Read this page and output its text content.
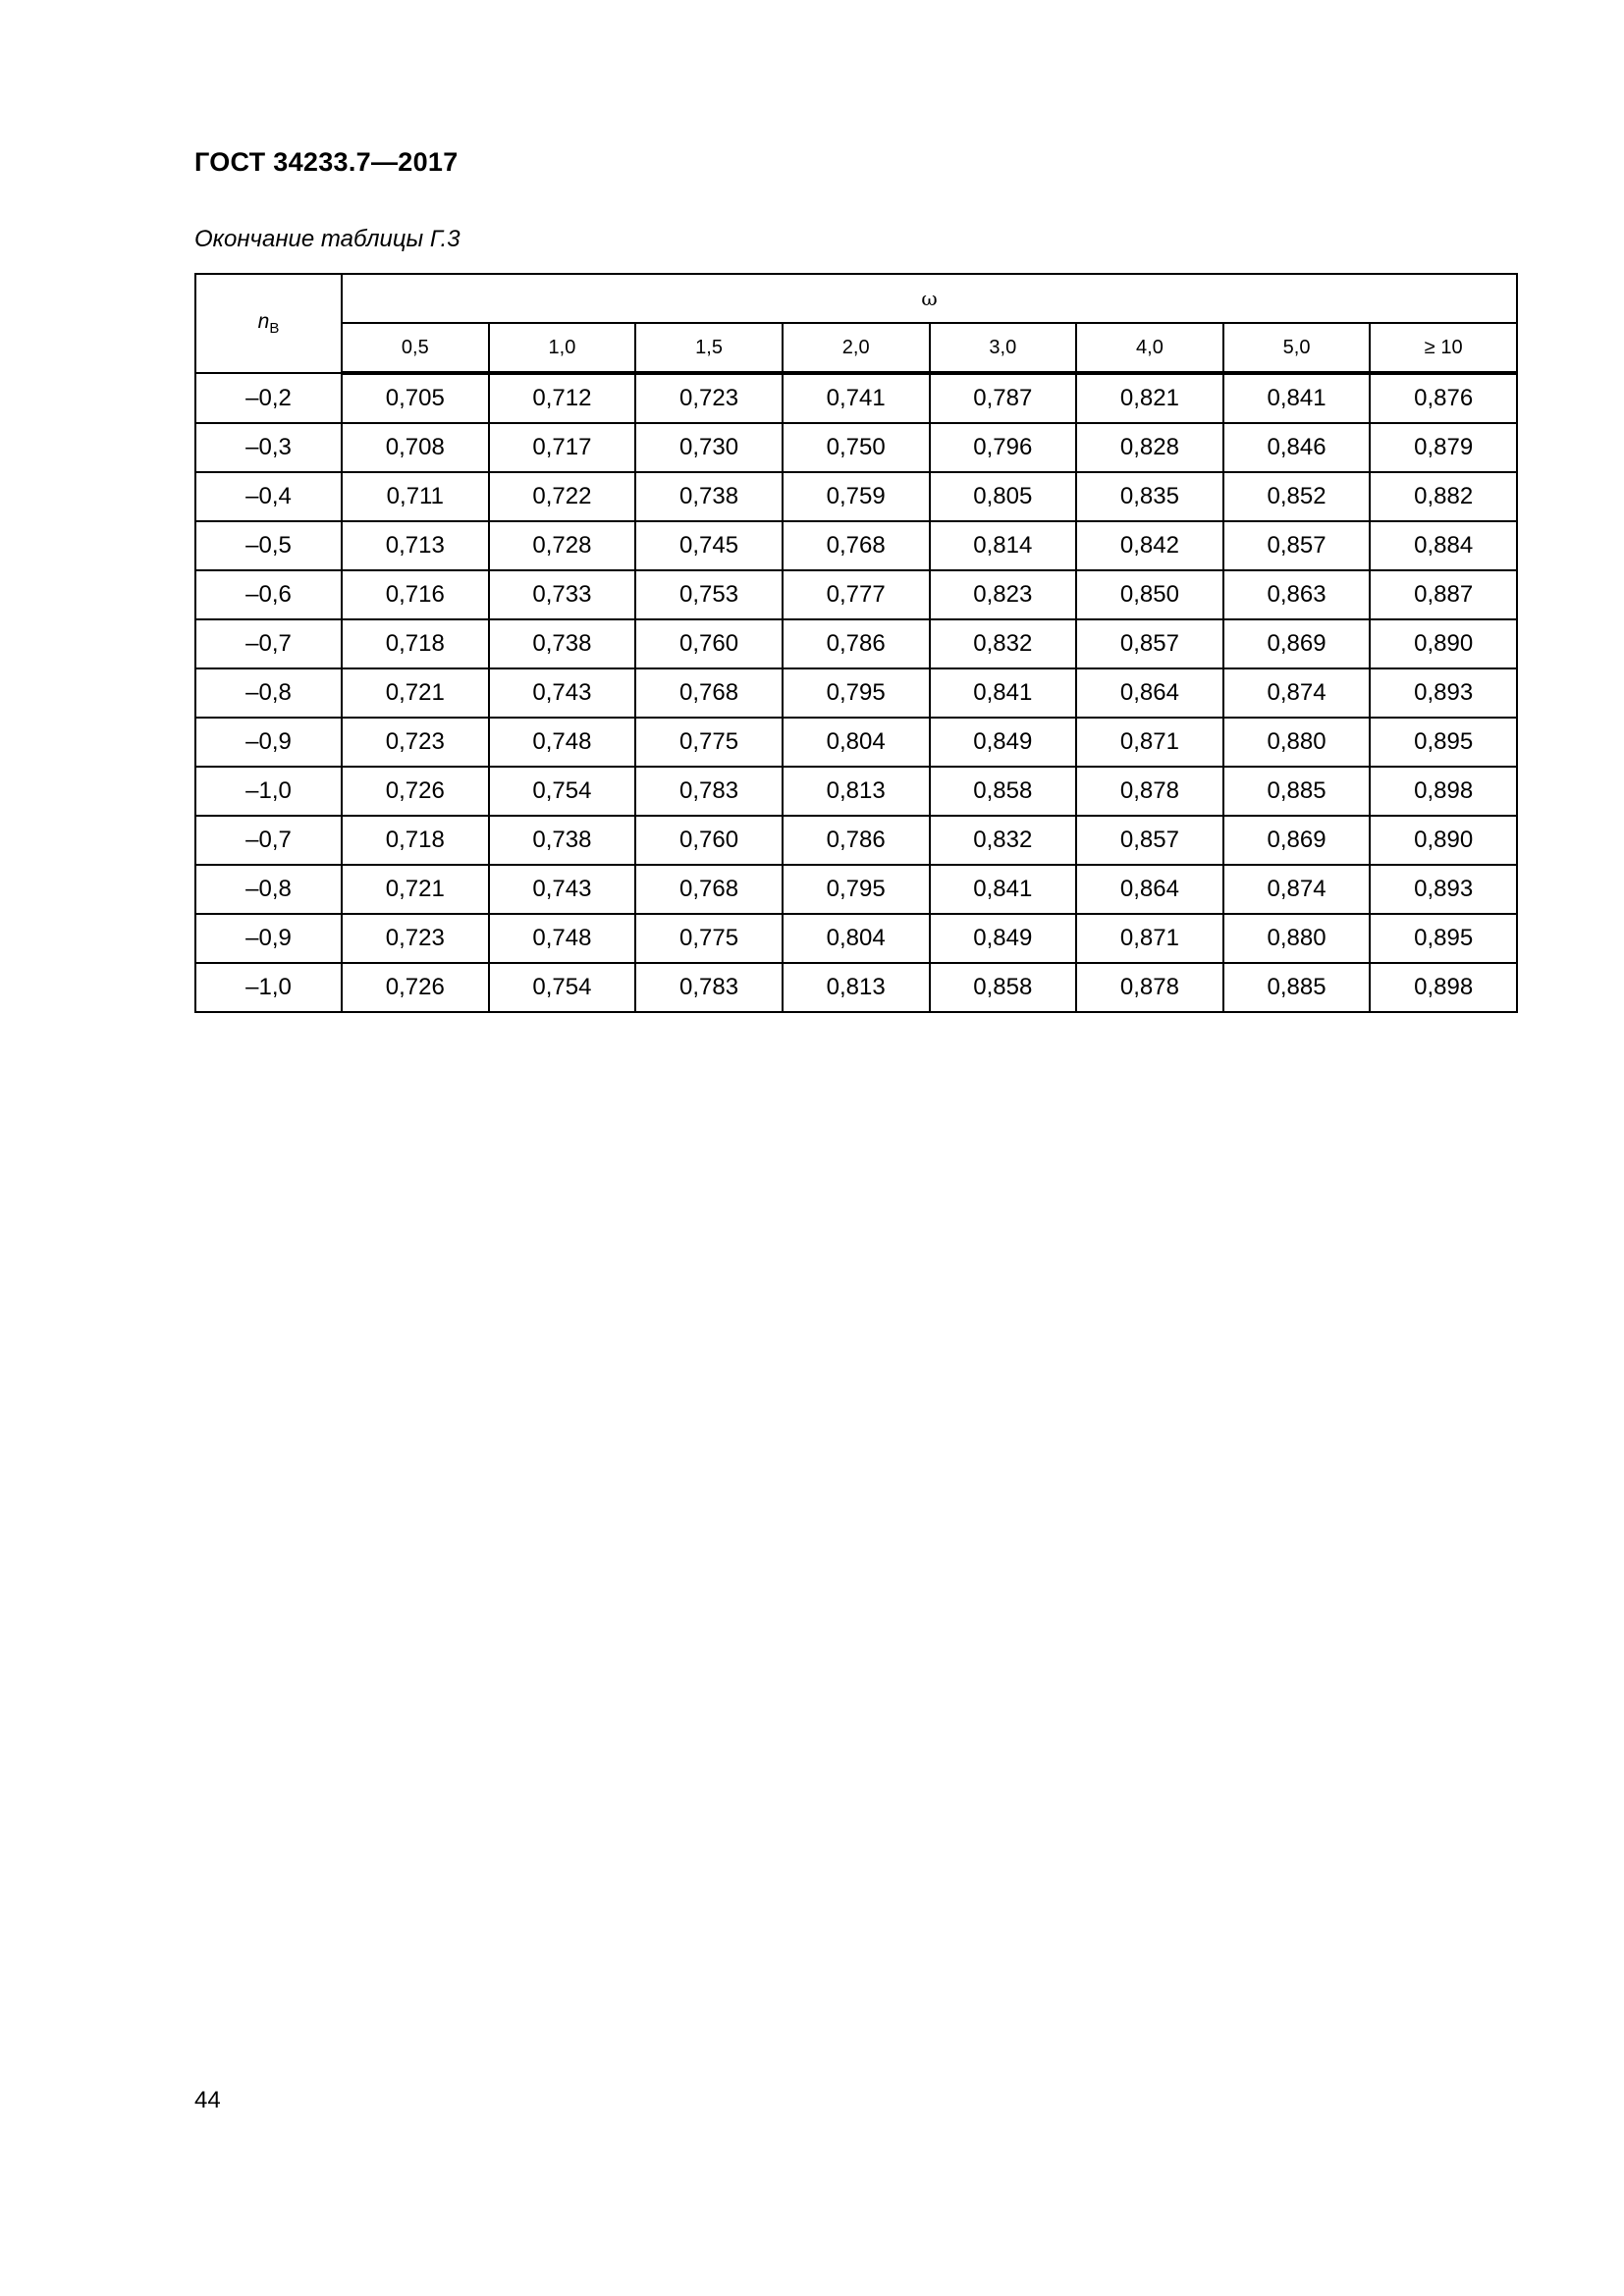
ГОСТ 34233.7—2017
Окончание таблицы Г.3
$n_В$	ω							
	0,5	1,0	1,5	2,0	3,0	4,0	5,0	≥ 10
–0,2	0,705	0,712	0,723	0,741	0,787	0,821	0,841	0,876
–0,3	0,708	0,717	0,730	0,750	0,796	0,828	0,846	0,879
–0,4	0,711	0,722	0,738	0,759	0,805	0,835	0,852	0,882
–0,5	0,713	0,728	0,745	0,768	0,814	0,842	0,857	0,884
–0,6	0,716	0,733	0,753	0,777	0,823	0,850	0,863	0,887
–0,7	0,718	0,738	0,760	0,786	0,832	0,857	0,869	0,890
–0,8	0,721	0,743	0,768	0,795	0,841	0,864	0,874	0,893
–0,9	0,723	0,748	0,775	0,804	0,849	0,871	0,880	0,895
–1,0	0,726	0,754	0,783	0,813	0,858	0,878	0,885	0,898
–0,7	0,718	0,738	0,760	0,786	0,832	0,857	0,869	0,890
–0,8	0,721	0,743	0,768	0,795	0,841	0,864	0,874	0,893
–0,9	0,723	0,748	0,775	0,804	0,849	0,871	0,880	0,895
–1,0	0,726	0,754	0,783	0,813	0,858	0,878	0,885	0,898
44
